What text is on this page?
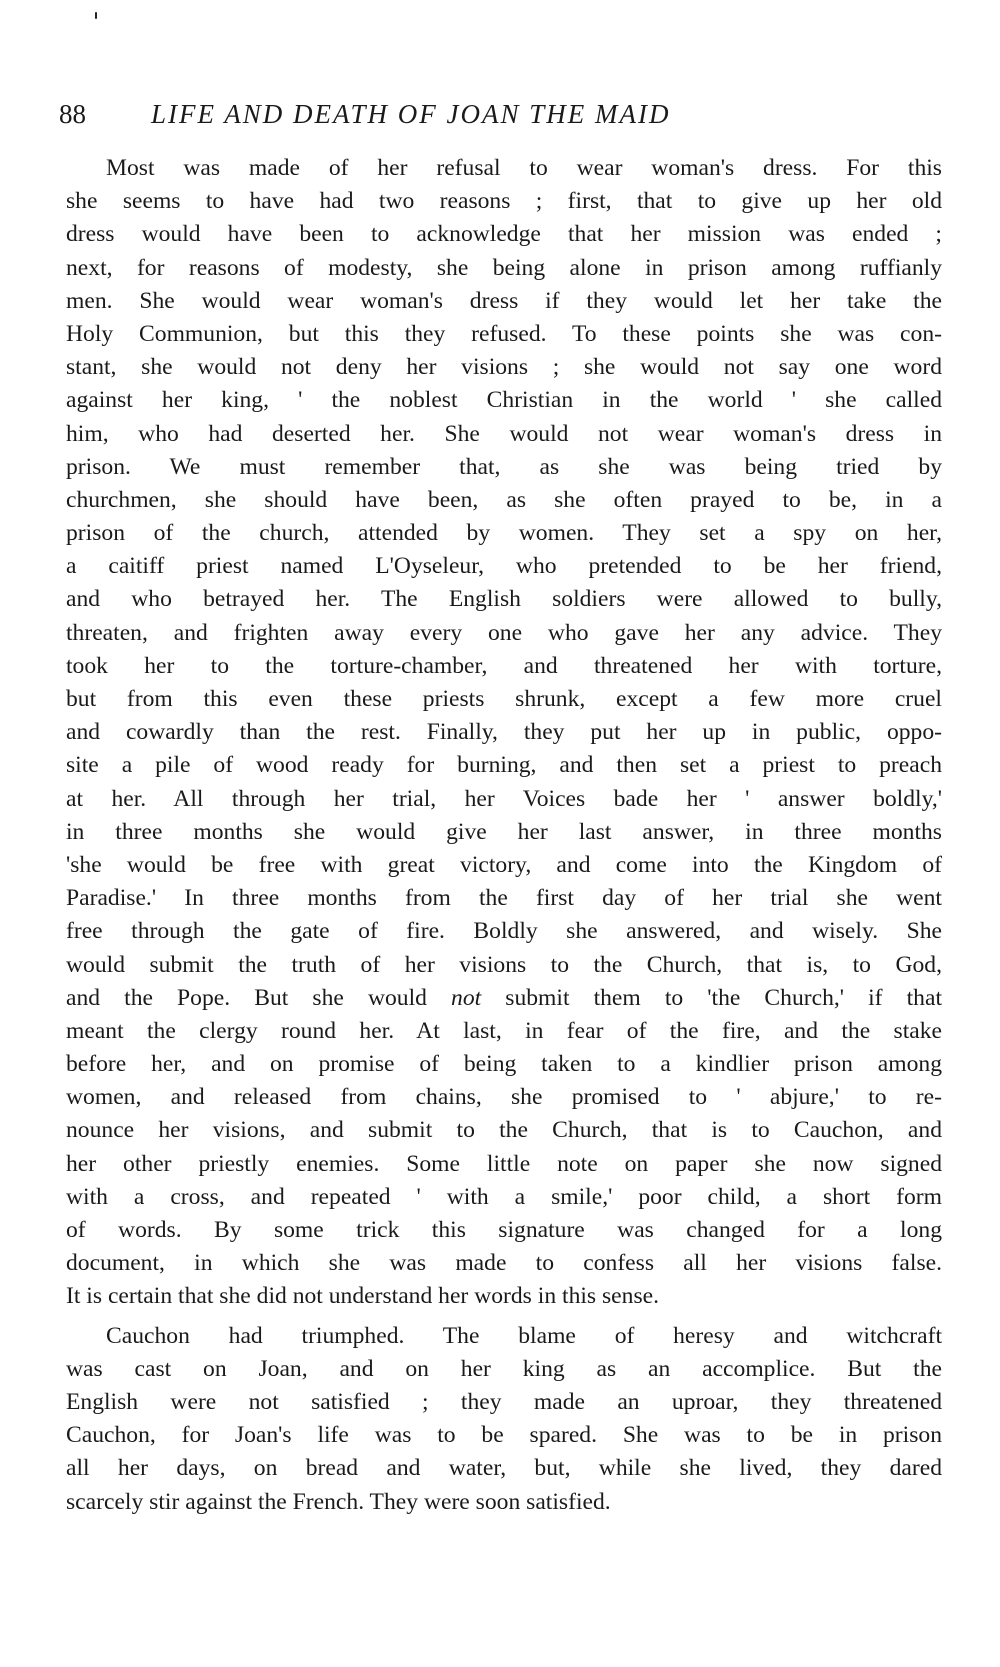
88 LIFE AND DEATH OF JOAN THE MAID

Most was made of her refusal to wear woman's dress. For this
she seems to have had two reasons ; first, that to give up her old
dress would have been to acknowledge that her mission was ended ;
next, for reasons of modesty, she being alone in prison among ruffianly
men. She would wear woman's dress if they would let her take the
Holy Communion, but this they refused. To these points she was con-
stant, she would not deny her visions ; she would not say one word
against her king, ' the noblest Christian in the world ' she called
him, who had deserted her. She would not wear woman's dress in
prison. We must remember that, as she was being tried by
churchmen, she should have been, as she often prayed to be, in a
prison of the church, attended by women. They set a spy on her,
a caitiff priest named L'Oyseleur, who pretended to be her friend,
and who betrayed her. The English soldiers were allowed to bully,
threaten, and frighten away every one who gave her any advice. They
took her to the torture-chamber, and threatened her with torture,
but from this even these priests shrunk, except a few more cruel
and cowardly than the rest. Finally, they put her up in public, oppo-
site a pile of wood ready for burning, and then set a priest to preach
at her. All through her trial, her Voices bade her ' answer boldly,'
in three months she would give her last answer, in three months
'she would be free with great victory, and come into the Kingdom of
Paradise.' In three months from the first day of her trial she went
free through the gate of fire. Boldly she answered, and wisely. She
would submit the truth of her visions to the Church, that is, to God,
and the Pope. But she would not submit them to 'the Church,' if that
meant the clergy round her. At last, in fear of the fire, and the stake
before her, and on promise of being taken to a kindlier prison among
women, and released from chains, she promised to ' abjure,' to re-
nounce her visions, and submit to the Church, that is to Cauchon, and
her other priestly enemies. Some little note on paper she now signed
with a cross, and repeated ' with a smile,' poor child, a short form
of words. By some trick this signature was changed for a long
document, in which she was made to confess all her visions false.
It is certain that she did not understand her words in this sense.

Cauchon had triumphed. The blame of heresy and witchcraft
was cast on Joan, and on her king as an accomplice. But the
English were not satisfied ; they made an uproar, they threatened
Cauchon, for Joan's life was to be spared. She was to be in prison
all her days, on bread and water, but, while she lived, they dared
scarcely stir against the French. They were soon satisfied.
